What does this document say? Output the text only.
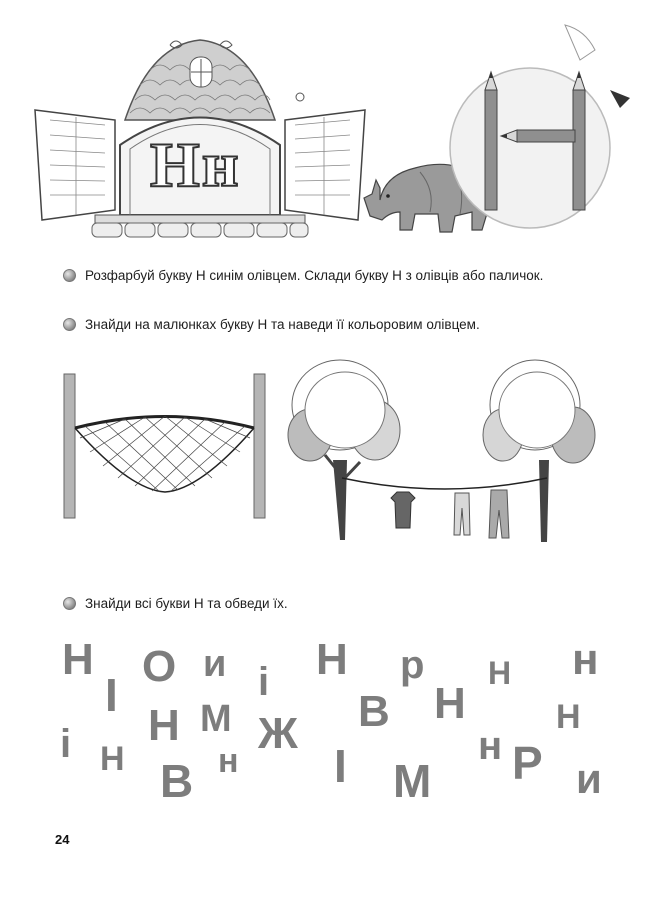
Нн
Розфарбуй букву Н синім олівцем. Склади букву Н з олівців або паличок.
Знайди на малюнках букву Н та наведи її кольоровим олівцем.
Знайди всі букви Н та обведи їх.
Н О и і Н р Н н
Н
І
Н М Ж В	Н
і Н	н	н
В	І М Р и
24
